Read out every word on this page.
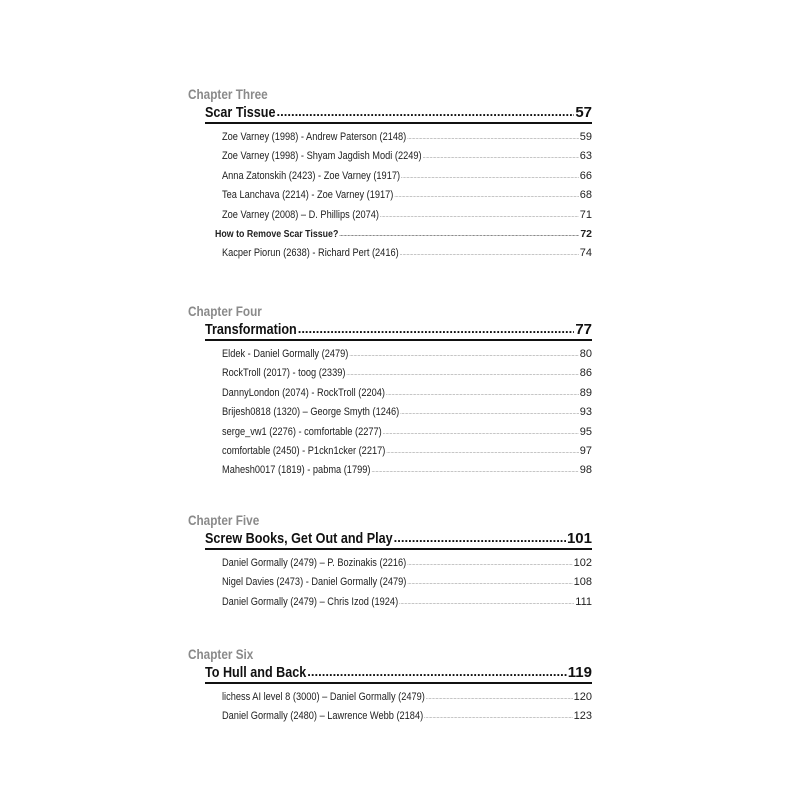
Chapter Three
Scar Tissue .....	57
Zoe Varney (1998) - Andrew Paterson (2148) .....	59
Zoe Varney (1998) - Shyam Jagdish Modi (2249) .....	63
Anna Zatonskih (2423) - Zoe Varney (1917) .....	66
Tea Lanchava (2214) - Zoe Varney (1917) .....	68
Zoe Varney (2008) – D. Phillips (2074) .....	71
How to Remove Scar Tissue? .....	72
Kacper Piorun (2638) - Richard Pert (2416) .....	74
Chapter Four
Transformation .....	77
Eldek - Daniel Gormally (2479) .....	80
RockTroll (2017) - toog (2339) .....	86
DannyLondon (2074) - RockTroll (2204) .....	89
Brijesh0818 (1320) – George Smyth (1246) .....	93
serge_vw1 (2276) - comfortable (2277) .....	95
comfortable (2450) - P1ckn1cker (2217) .....	97
Mahesh0017 (1819) - pabma (1799) .....	98
Chapter Five
Screw Books, Get Out and Play .....	101
Daniel Gormally (2479) – P. Bozinakis (2216) .....	102
Nigel Davies (2473) - Daniel Gormally (2479) .....	108
Daniel Gormally (2479) – Chris Izod (1924) .....	111
Chapter Six
To Hull and Back .....	119
lichess AI level 8 (3000) – Daniel Gormally (2479) .....	120
Daniel Gormally (2480) – Lawrence Webb (2184) .....	123
